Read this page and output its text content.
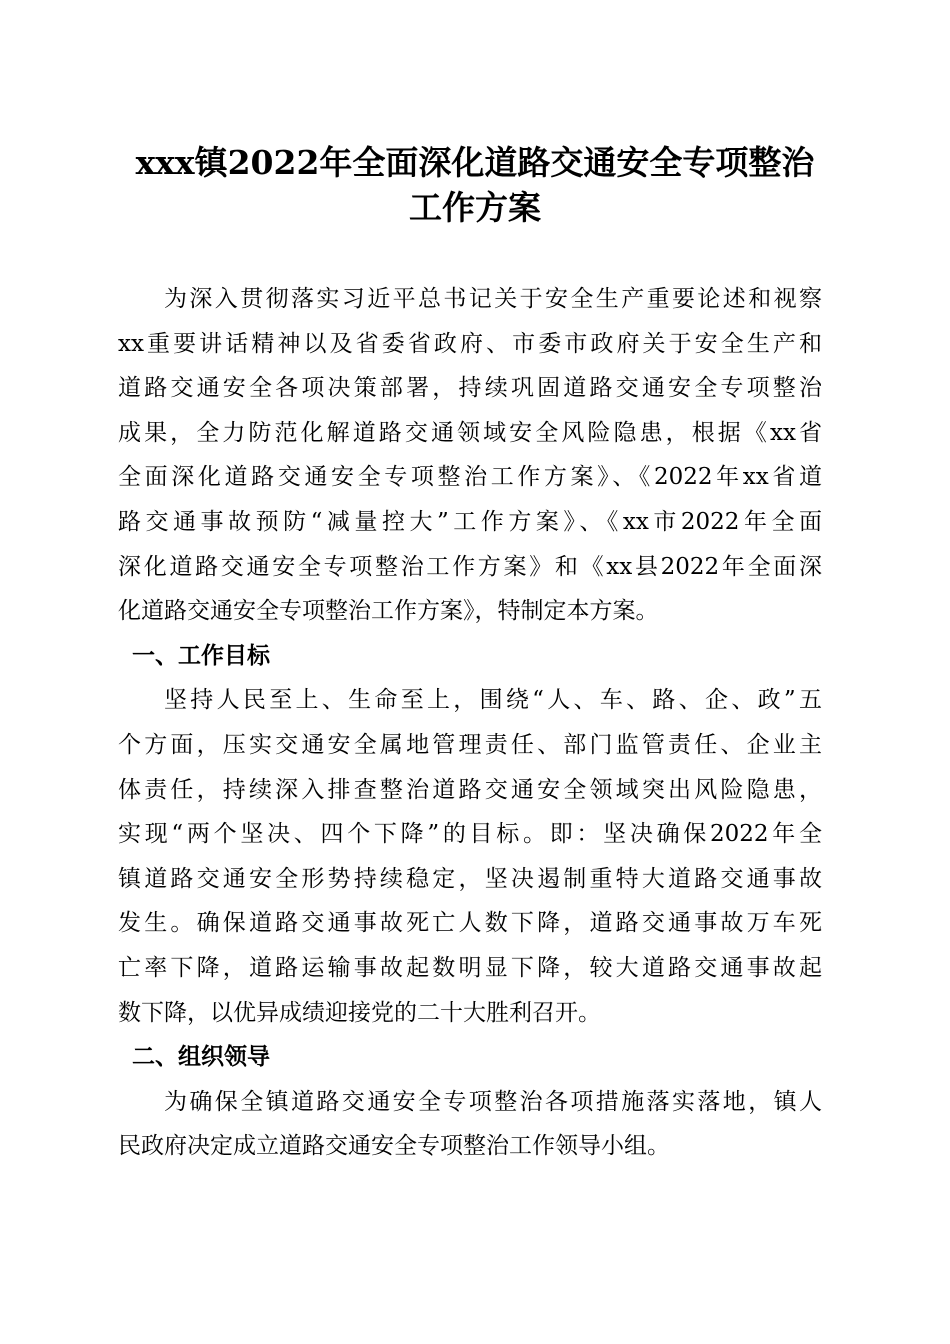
xxx镇2022年全面深化道路交通安全专项整治
工作方案
为深入贯彻落实习近平总书记关于安全生产重要论述和视察
xx重要讲话精神以及省委省政府、市委市政府关于安全生产和
道路交通安全各项决策部署，持续巩固道路交通安全专项整治
成果，全力防范化解道路交通领域安全风险隐患，根据《xx省
全面深化道路交通安全专项整治工作方案》、《2022年xx省道
路交通事故预防“减量控大”工作方案》、《xx市2022年全面
深化道路交通安全专项整治工作方案》和《xx县2022年全面深
化道路交通安全专项整治工作方案》，特制定本方案。
一、工作目标
坚持人民至上、生命至上，围绕“人、车、路、企、政”五
个方面，压实交通安全属地管理责任、部门监管责任、企业主
体责任，持续深入排查整治道路交通安全领域突出风险隐患，
实现“两个坚决、四个下降”的目标。即：坚决确保2022年全
镇道路交通安全形势持续稳定，坚决遏制重特大道路交通事故
发生。确保道路交通事故死亡人数下降，道路交通事故万车死
亡率下降，道路运输事故起数明显下降，较大道路交通事故起
数下降，以优异成绩迎接党的二十大胜利召开。
二、组织领导
为确保全镇道路交通安全专项整治各项措施落实落地，镇人
民政府决定成立道路交通安全专项整治工作领导小组。
